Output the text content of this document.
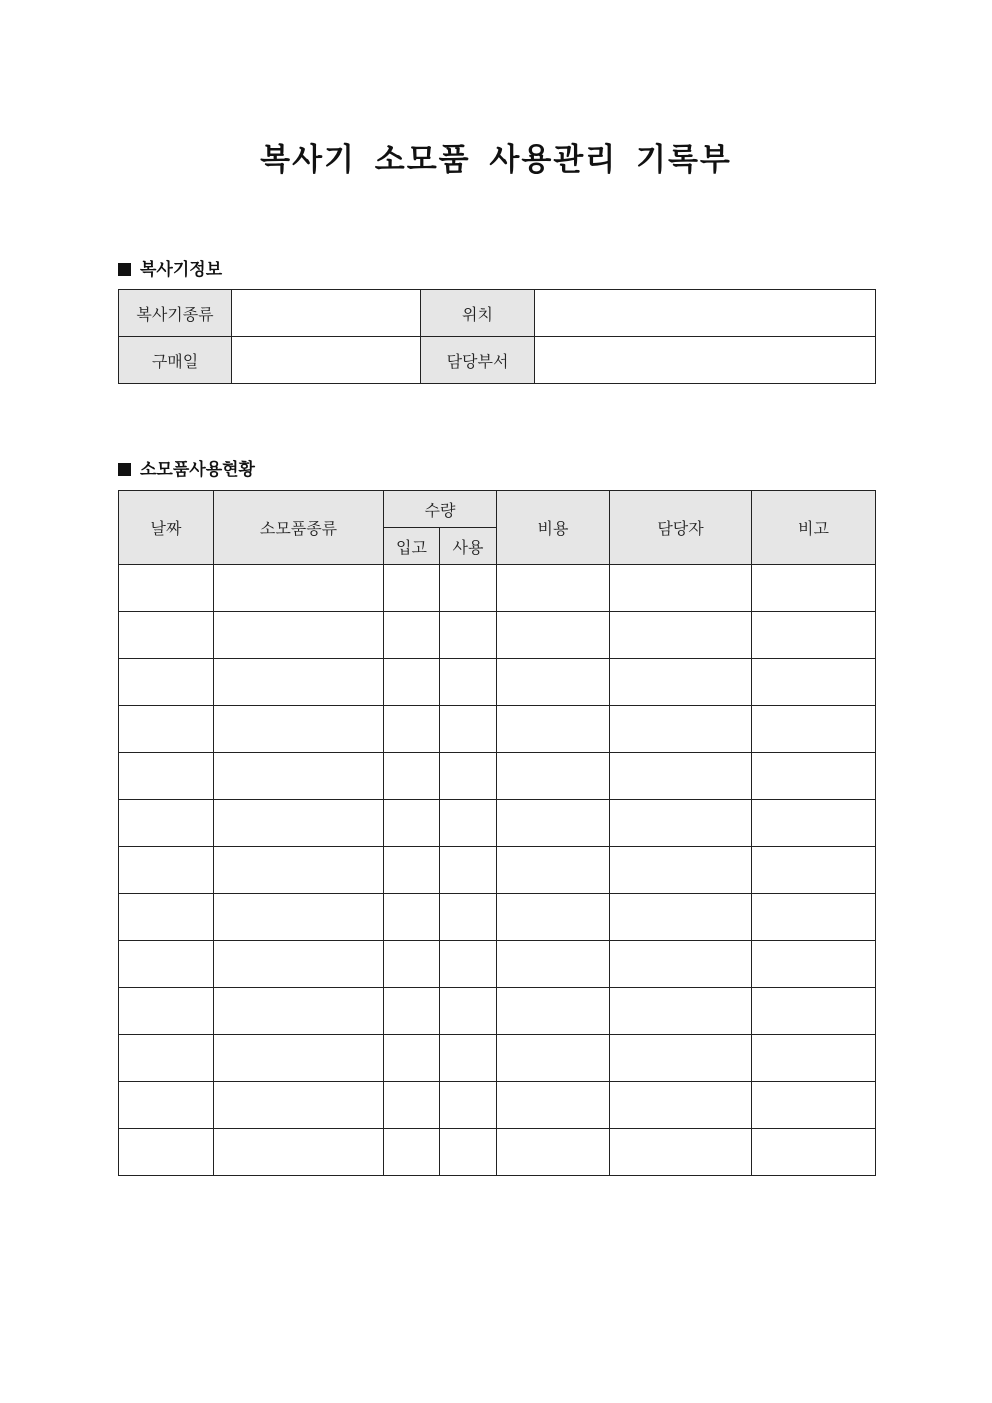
복사기 소모품 사용관리 기록부
복사기정보
복사기종류		위치	
구매일		담당부서	
소모품사용현황
날짜	소모품종류	수량		비용	담당자	비고
		입고	사용			
